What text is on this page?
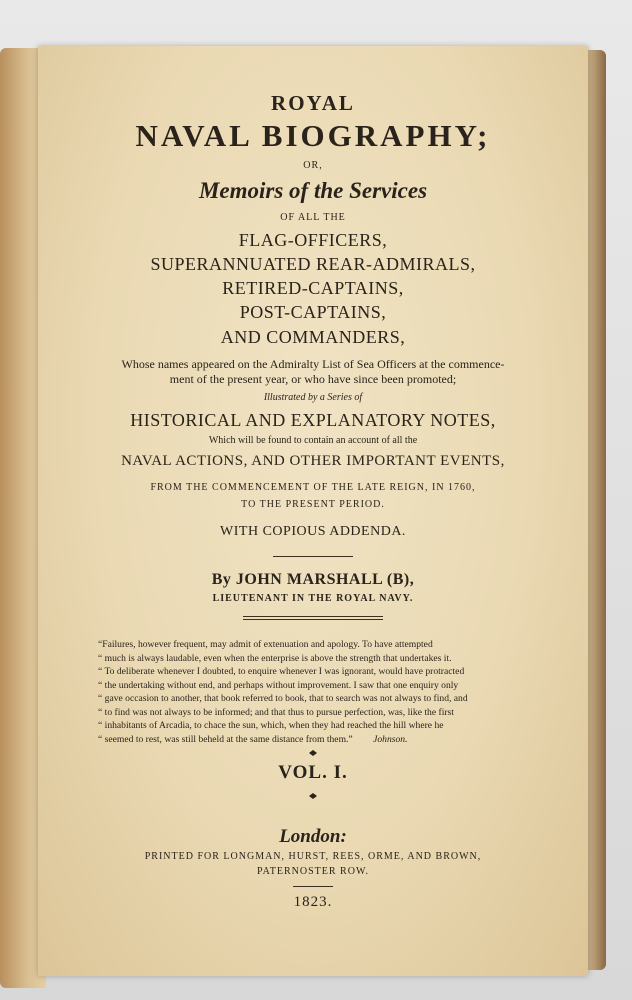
ROYAL
NAVAL BIOGRAPHY;
OR,
Memoirs of the Services
OF ALL THE
FLAG-OFFICERS,
SUPERANNUATED REAR-ADMIRALS,
RETIRED-CAPTAINS,
POST-CAPTAINS,
AND COMMANDERS,
Whose names appeared on the Admiralty List of Sea Officers at the commence-
ment of the present year, or who have since been promoted;
Illustrated by a Series of
HISTORICAL AND EXPLANATORY NOTES,
Which will be found to contain an account of all the
NAVAL ACTIONS, AND OTHER IMPORTANT EVENTS,
FROM THE COMMENCEMENT OF THE LATE REIGN, IN 1760,
TO THE PRESENT PERIOD.
WITH COPIOUS ADDENDA.
By JOHN MARSHALL (B),
LIEUTENANT IN THE ROYAL NAVY.
“Failures, however frequent, may admit of extenuation and apology. To have attempted
“ much is always laudable, even when the enterprise is above the strength that undertakes it.
“ To deliberate whenever I doubted, to enquire whenever I was ignorant, would have protracted
“ the undertaking without end, and perhaps without improvement. I saw that one enquiry only
“ gave occasion to another, that book referred to book, that to search was not always to find, and
“ to find was not always to be informed; and that thus to pursue perfection, was, like the first
“ inhabitants of Arcadia, to chace the sun, which, when they had reached the hill where he
“ seemed to rest, was still beheld at the same distance from them.” Johnson.
VOL. I.
London:
PRINTED FOR LONGMAN, HURST, REES, ORME, AND BROWN,
PATERNOSTER ROW.
1823.
